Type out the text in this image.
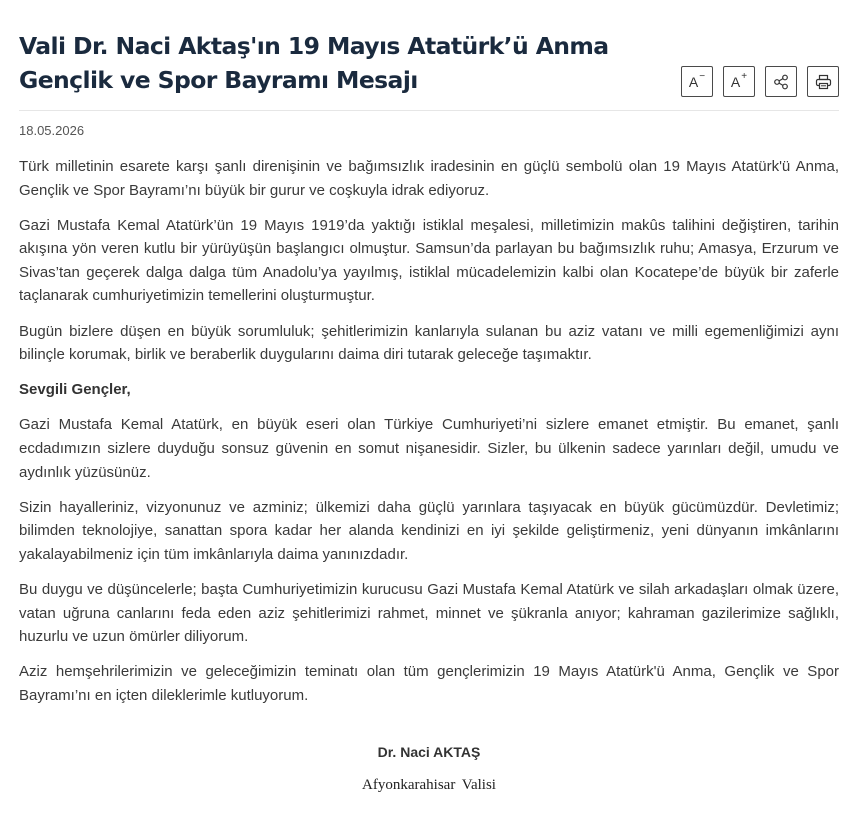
Vali Dr. Naci Aktaş'ın 19 Mayıs Atatürk’ü Anma
Gençlik ve Spor Bayramı Mesajı	A − A +
18.05.2026

Türk milletinin esarete karşı şanlı direnişinin ve bağımsızlık iradesinin en güçlü sembolü olan 19 Mayıs Atatürk'ü Anma, Gençlik ve Spor Bayramı’nı büyük bir gurur ve coşkuyla idrak ediyoruz.

Gazi Mustafa Kemal Atatürk’ün 19 Mayıs 1919’da yaktığı istiklal meşalesi, milletimizin makûs talihini değiştiren, tarihin akışına yön veren kutlu bir yürüyüşün başlangıcı olmuştur. Samsun’da parlayan bu bağımsızlık ruhu; Amasya, Erzurum ve Sivas’tan geçerek dalga dalga tüm Anadolu’ya yayılmış, istiklal mücadelemizin kalbi olan Kocatepe’de büyük bir zaferle taçlanarak cumhuriyetimizin temellerini oluşturmuştur.

Bugün bizlere düşen en büyük sorumluluk; şehitlerimizin kanlarıyla sulanan bu aziz vatanı ve milli egemenliğimizi aynı bilinçle korumak, birlik ve beraberlik duygularını daima diri tutarak geleceğe taşımaktır.

Sevgili Gençler,

Gazi Mustafa Kemal Atatürk, en büyük eseri olan Türkiye Cumhuriyeti’ni sizlere emanet etmiştir. Bu emanet, şanlı ecdadımızın sizlere duyduğu sonsuz güvenin en somut nişanesidir. Sizler, bu ülkenin sadece yarınları değil, umudu ve aydınlık yüzüsünüz.

Sizin hayalleriniz, vizyonunuz ve azminiz; ülkemizi daha güçlü yarınlara taşıyacak en büyük gücümüzdür. Devletimiz; bilimden teknolojiye, sanattan spora kadar her alanda kendinizi en iyi şekilde geliştirmeniz, yeni dünyanın imkânlarını yakalayabilmeniz için tüm imkânlarıyla daima yanınızdadır.

Bu duygu ve düşüncelerle; başta Cumhuriyetimizin kurucusu Gazi Mustafa Kemal Atatürk ve silah arkadaşları olmak üzere, vatan uğruna canlarını feda eden aziz şehitlerimizi rahmet, minnet ve şükranla anıyor; kahraman gazilerimize sağlıklı, huzurlu ve uzun ömürler diliyorum.

Aziz hemşehrilerimizin ve geleceğimizin teminatı olan tüm gençlerimizin 19 Mayıs Atatürk'ü Anma, Gençlik ve Spor Bayramı’nı en içten dileklerimle kutluyorum.

Dr. Naci AKTAŞ
Afyonkarahisar Valisi
